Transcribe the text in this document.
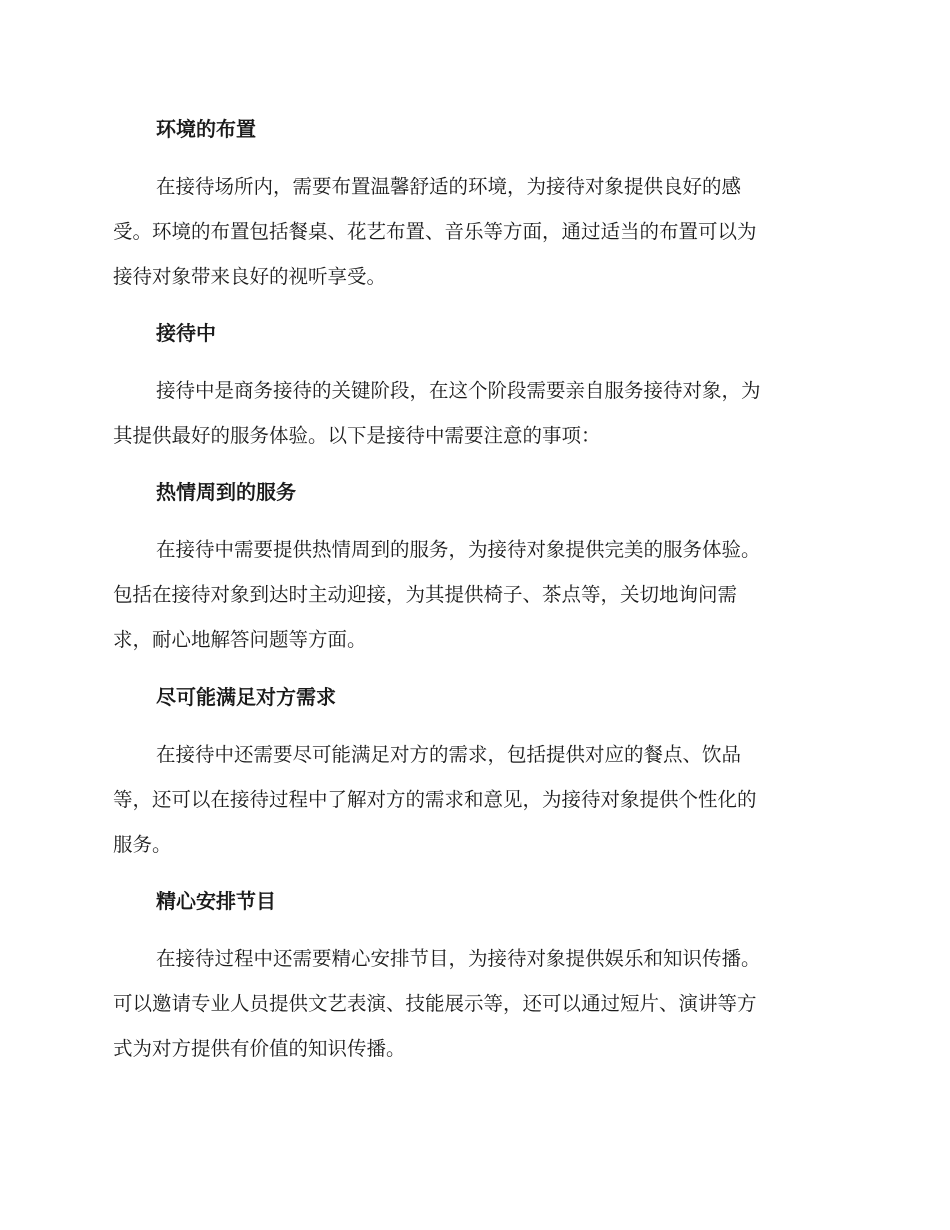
环境的布置
在接待场所内，需要布置温馨舒适的环境，为接待对象提供良好的感
受。环境的布置包括餐桌、花艺布置、音乐等方面，通过适当的布置可以为
接待对象带来良好的视听享受。
接待中
接待中是商务接待的关键阶段，在这个阶段需要亲自服务接待对象，为
其提供最好的服务体验。以下是接待中需要注意的事项：
热情周到的服务
在接待中需要提供热情周到的服务，为接待对象提供完美的服务体验。
包括在接待对象到达时主动迎接，为其提供椅子、茶点等，关切地询问需
求，耐心地解答问题等方面。
尽可能满足对方需求
在接待中还需要尽可能满足对方的需求，包括提供对应的餐点、饮品
等，还可以在接待过程中了解对方的需求和意见，为接待对象提供个性化的
服务。
精心安排节目
在接待过程中还需要精心安排节目，为接待对象提供娱乐和知识传播。
可以邀请专业人员提供文艺表演、技能展示等，还可以通过短片、演讲等方
式为对方提供有价值的知识传播。
